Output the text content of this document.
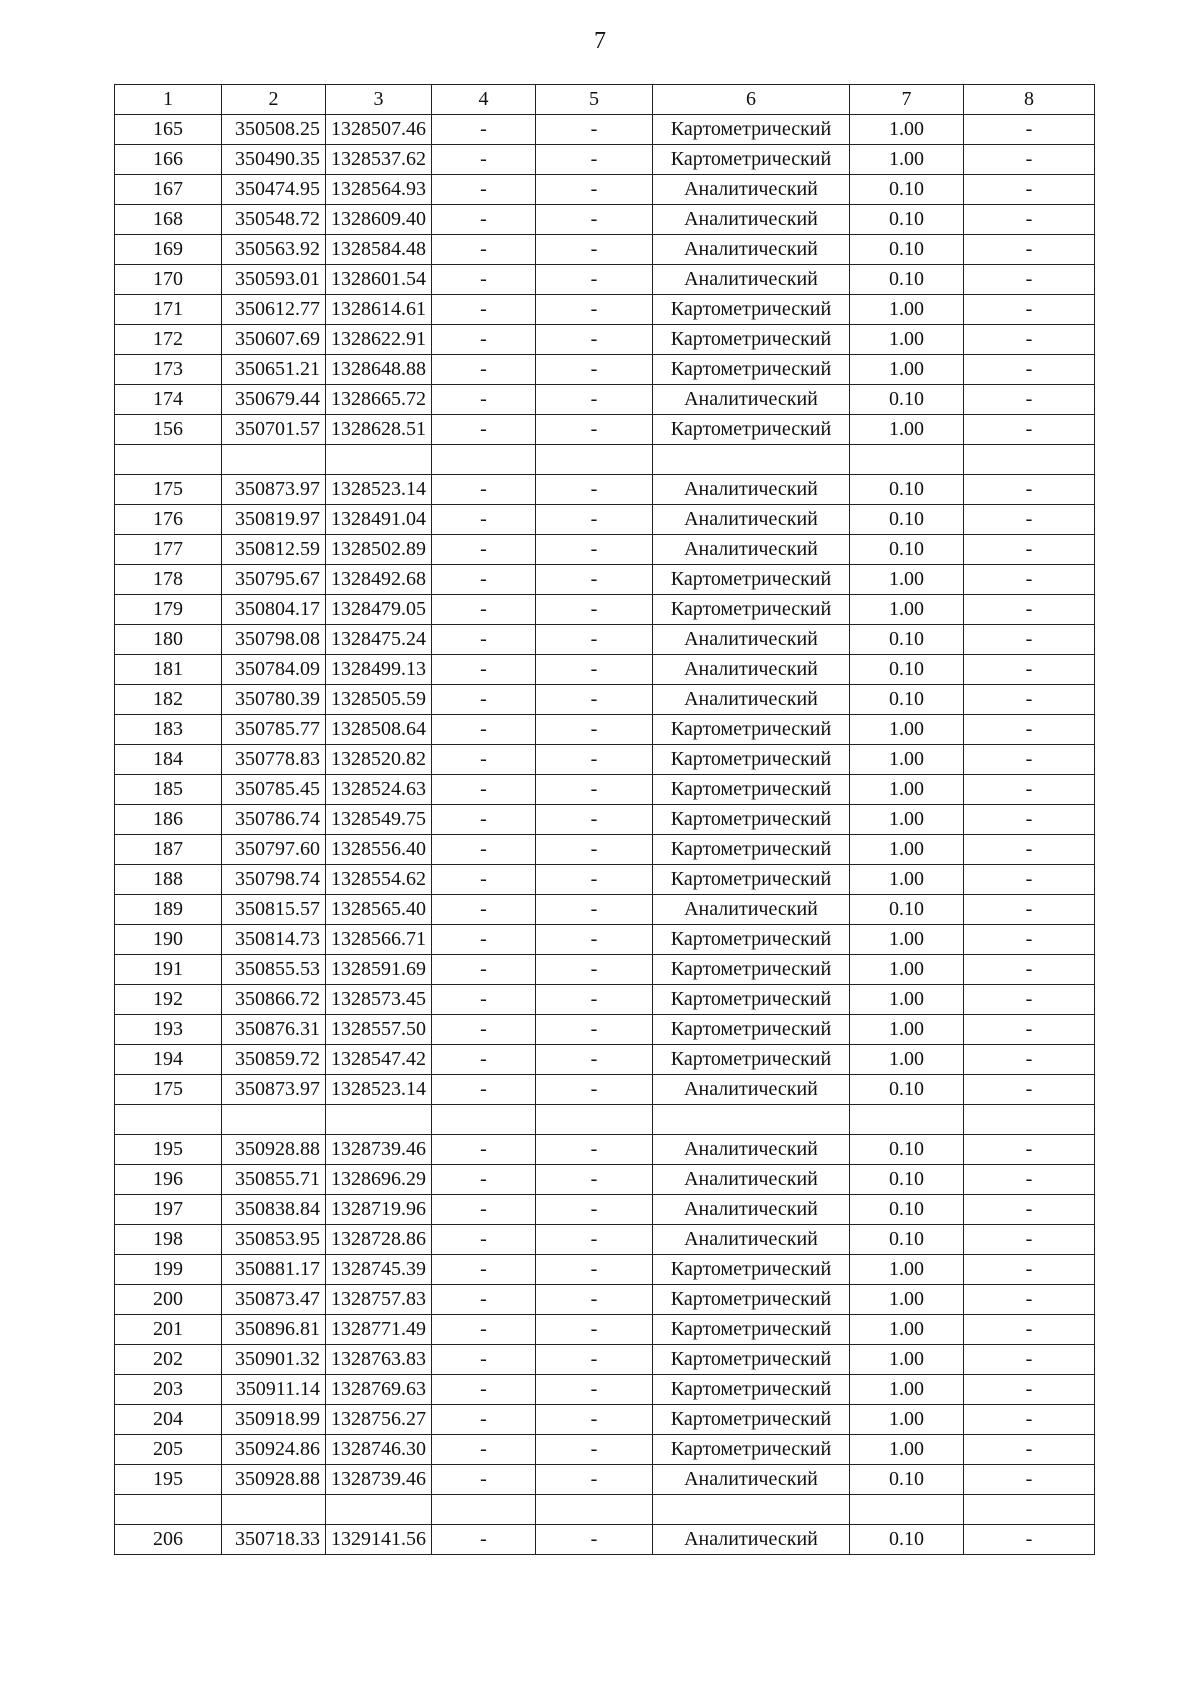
7
1	2	3	4	5	6	7	8
165	350508.25	1328507.46	-	-	Картометрический	1.00	-
166	350490.35	1328537.62	-	-	Картометрический	1.00	-
167	350474.95	1328564.93	-	-	Аналитический	0.10	-
168	350548.72	1328609.40	-	-	Аналитический	0.10	-
169	350563.92	1328584.48	-	-	Аналитический	0.10	-
170	350593.01	1328601.54	-	-	Аналитический	0.10	-
171	350612.77	1328614.61	-	-	Картометрический	1.00	-
172	350607.69	1328622.91	-	-	Картометрический	1.00	-
173	350651.21	1328648.88	-	-	Картометрический	1.00	-
174	350679.44	1328665.72	-	-	Аналитический	0.10	-
156	350701.57	1328628.51	-	-	Картометрический	1.00	-

175	350873.97	1328523.14	-	-	Аналитический	0.10	-
176	350819.97	1328491.04	-	-	Аналитический	0.10	-
177	350812.59	1328502.89	-	-	Аналитический	0.10	-
178	350795.67	1328492.68	-	-	Картометрический	1.00	-
179	350804.17	1328479.05	-	-	Картометрический	1.00	-
180	350798.08	1328475.24	-	-	Аналитический	0.10	-
181	350784.09	1328499.13	-	-	Аналитический	0.10	-
182	350780.39	1328505.59	-	-	Аналитический	0.10	-
183	350785.77	1328508.64	-	-	Картометрический	1.00	-
184	350778.83	1328520.82	-	-	Картометрический	1.00	-
185	350785.45	1328524.63	-	-	Картометрический	1.00	-
186	350786.74	1328549.75	-	-	Картометрический	1.00	-
187	350797.60	1328556.40	-	-	Картометрический	1.00	-
188	350798.74	1328554.62	-	-	Картометрический	1.00	-
189	350815.57	1328565.40	-	-	Аналитический	0.10	-
190	350814.73	1328566.71	-	-	Картометрический	1.00	-
191	350855.53	1328591.69	-	-	Картометрический	1.00	-
192	350866.72	1328573.45	-	-	Картометрический	1.00	-
193	350876.31	1328557.50	-	-	Картометрический	1.00	-
194	350859.72	1328547.42	-	-	Картометрический	1.00	-
175	350873.97	1328523.14	-	-	Аналитический	0.10	-

195	350928.88	1328739.46	-	-	Аналитический	0.10	-
196	350855.71	1328696.29	-	-	Аналитический	0.10	-
197	350838.84	1328719.96	-	-	Аналитический	0.10	-
198	350853.95	1328728.86	-	-	Аналитический	0.10	-
199	350881.17	1328745.39	-	-	Картометрический	1.00	-
200	350873.47	1328757.83	-	-	Картометрический	1.00	-
201	350896.81	1328771.49	-	-	Картометрический	1.00	-
202	350901.32	1328763.83	-	-	Картометрический	1.00	-
203	350911.14	1328769.63	-	-	Картометрический	1.00	-
204	350918.99	1328756.27	-	-	Картометрический	1.00	-
205	350924.86	1328746.30	-	-	Картометрический	1.00	-
195	350928.88	1328739.46	-	-	Аналитический	0.10	-

206	350718.33	1329141.56	-	-	Аналитический	0.10	-
